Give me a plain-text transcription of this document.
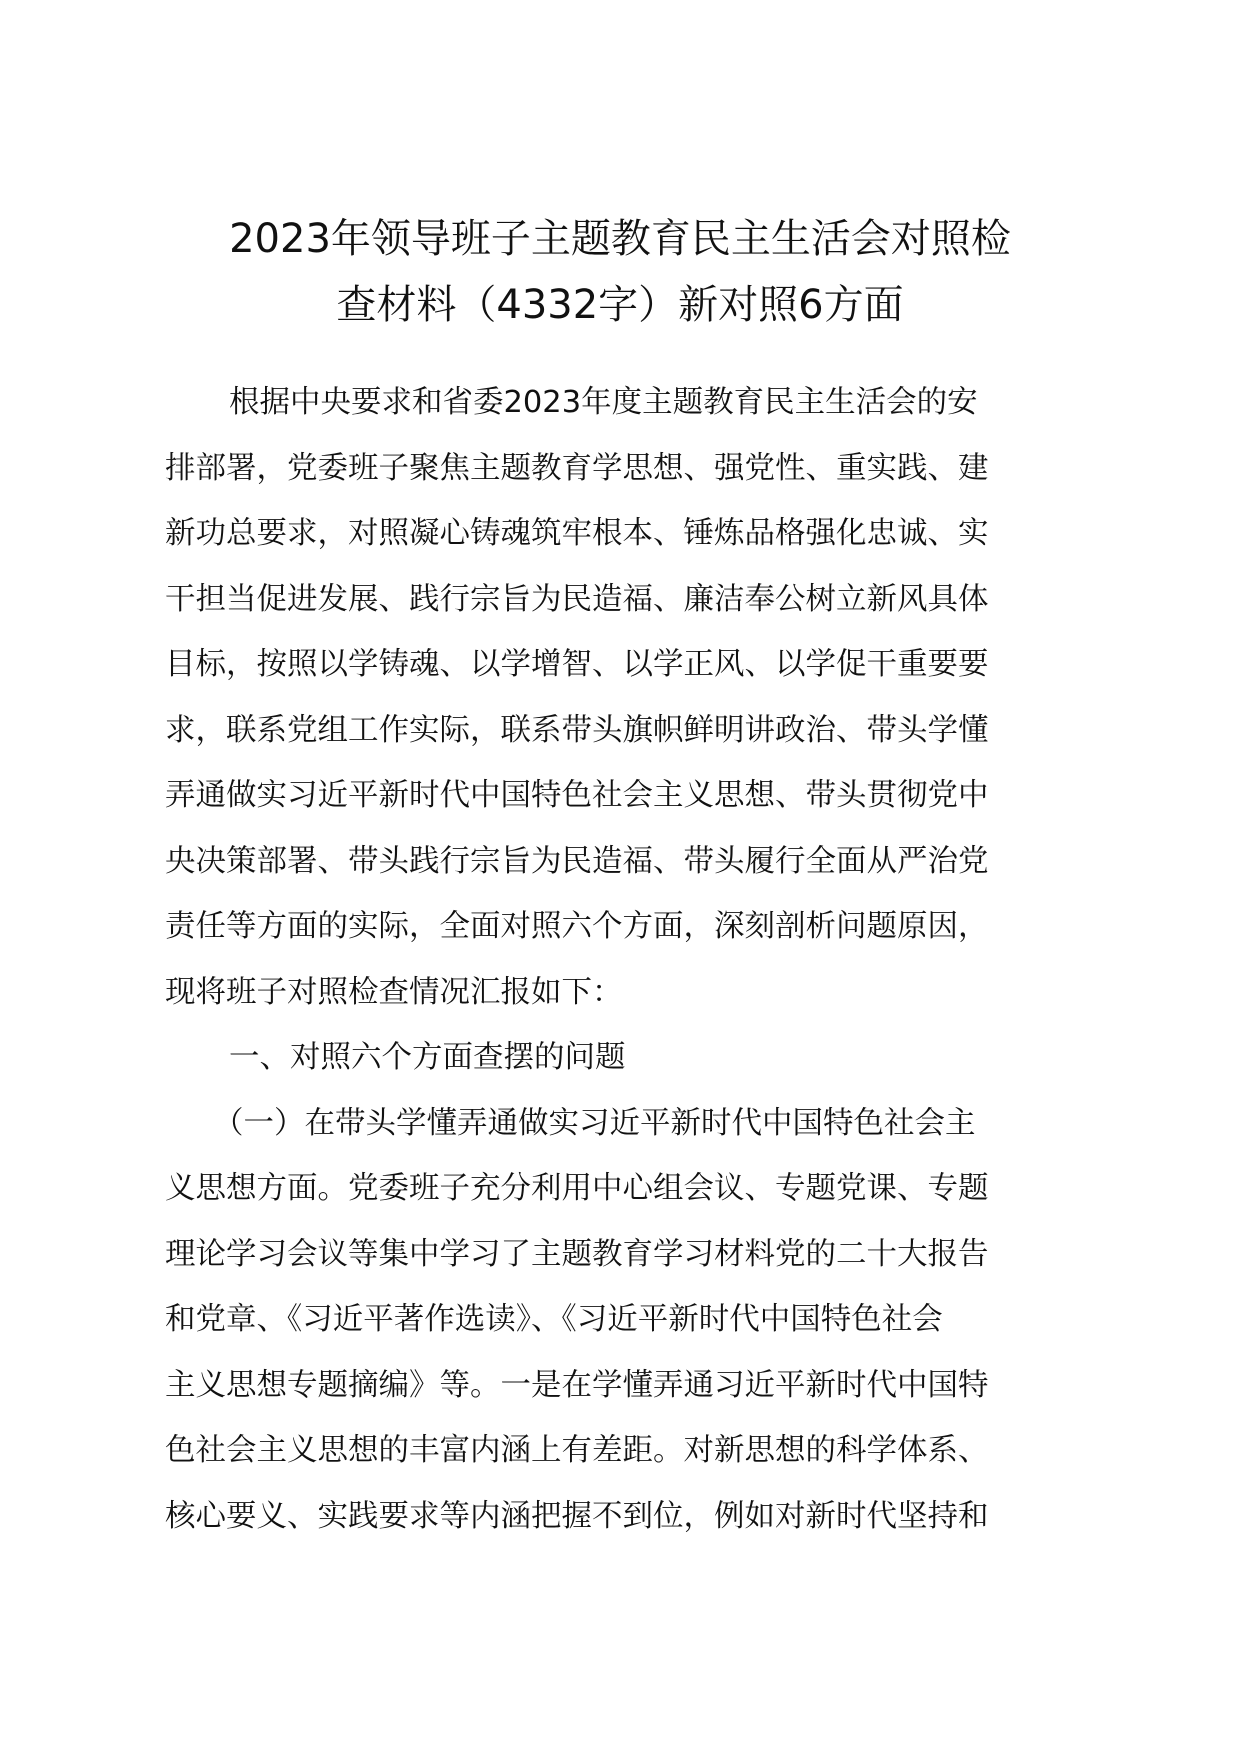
2023年领导班子主题教育民主生活会对照检
查材料（4332字）新对照6方面

根据中央要求和省委2023年度主题教育民主生活会的安
排部署，党委班子聚焦主题教育学思想、强党性、重实践、建
新功总要求，对照凝心铸魂筑牢根本、锤炼品格强化忠诚、实
干担当促进发展、践行宗旨为民造福、廉洁奉公树立新风具体
目标，按照以学铸魂、以学增智、以学正风、以学促干重要要
求，联系党组工作实际，联系带头旗帜鲜明讲政治、带头学懂
弄通做实习近平新时代中国特色社会主义思想、带头贯彻党中
央决策部署、带头践行宗旨为民造福、带头履行全面从严治党
责任等方面的实际，全面对照六个方面，深刻剖析问题原因，
现将班子对照检查情况汇报如下：

一、对照六个方面查摆的问题

（一）在带头学懂弄通做实习近平新时代中国特色社会主
义思想方面。党委班子充分利用中心组会议、专题党课、专题
理论学习会议等集中学习了主题教育学习材料党的二十大报告
和党章、《习近平著作选读》、《习近平新时代中国特色社会
主义思想专题摘编》等。一是在学懂弄通习近平新时代中国特
色社会主义思想的丰富内涵上有差距。对新思想的科学体系、
核心要义、实践要求等内涵把握不到位，例如对新时代坚持和
